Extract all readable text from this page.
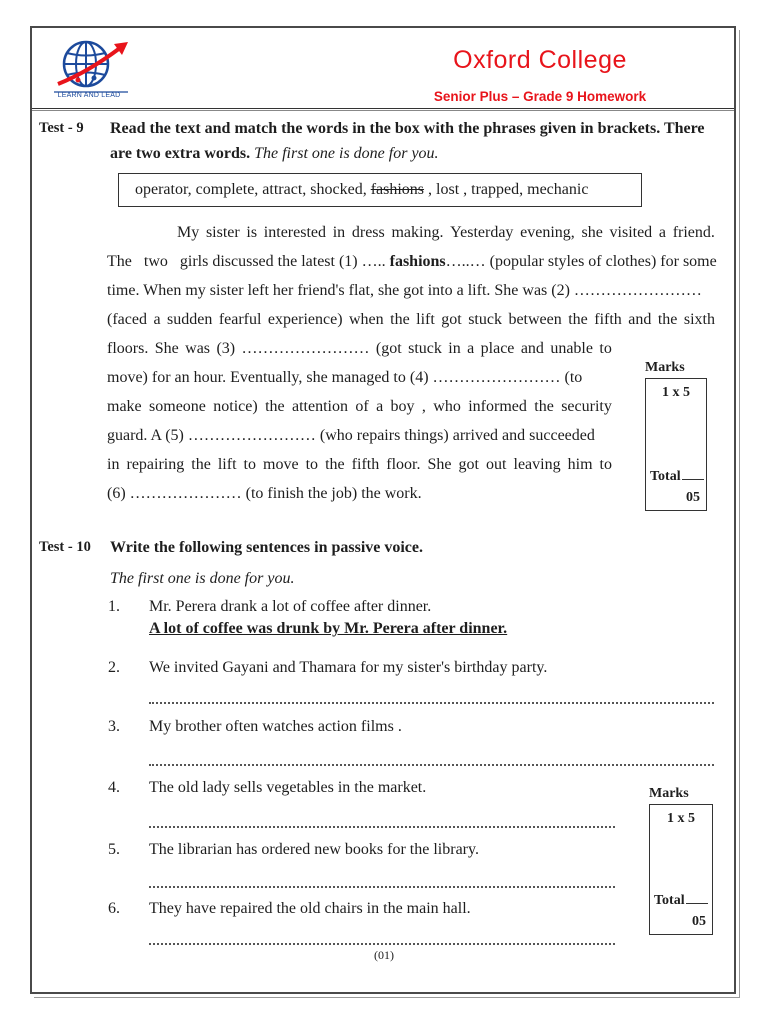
LEARN AND LEAD
Oxford College
Senior Plus – Grade 9 Homework
Test - 9 Read the text and match the words in the box with the phrases given in brackets. There
are two extra words. The first one is done for you.
operator, complete, attract, shocked, fashions , lost , trapped, mechanic
My sister is interested in dress making. Yesterday evening, she visited a friend.
The two girls discussed the latest (1) ….. fashions …..… (popular styles of clothes) for some
time. When my sister left her friend's flat, she got into a lift. She was (2) ……………………
(faced a sudden fearful experience) when the lift got stuck between the fifth and the sixth
floors. She was (3) …………………… (got stuck in a place and unable to
move) for an hour. Eventually, she managed to (4) …………………… (to
make someone notice) the attention of a boy , who informed the security
guard. A (5) …………………… (who repairs things) arrived and succeeded
in repairing the lift to move to the fifth floor. She got out leaving him to
(6) ………………… (to finish the job) the work.
Marks
1 x 5
Total
05
Test - 10 Write the following sentences in passive voice.
The first one is done for you.
1. Mr. Perera drank a lot of coffee after dinner.
A lot of coffee was drunk by Mr. Perera after dinner.
2. We invited Gayani and Thamara for my sister's birthday party.
3. My brother often watches action films .
4. The old lady sells vegetables in the market.
5. The librarian has ordered new books for the library.
6. They have repaired the old chairs in the main hall.
Marks
1 x 5
Total
05
(01)
